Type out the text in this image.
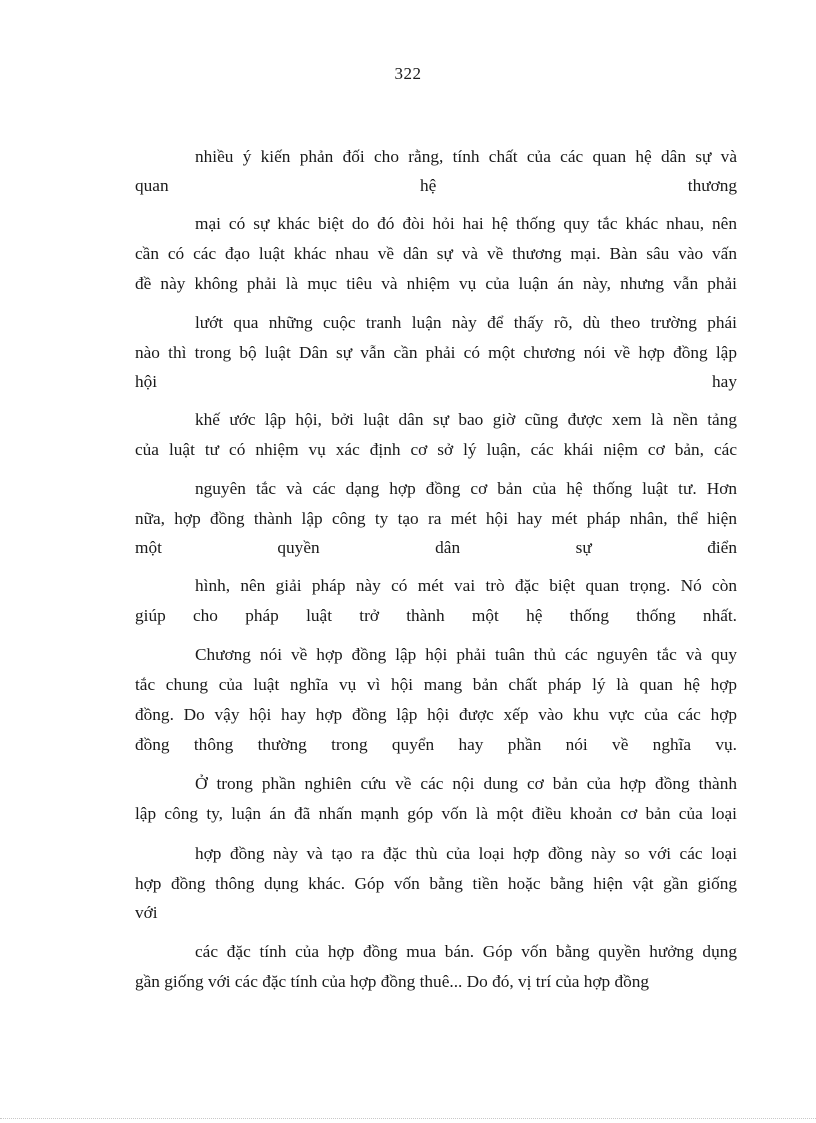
322
nhiều ý kiến phản đối cho rằng, tính chất của các quan hệ dân sự và
quan hệ thương
mại có sự khác biệt do đó đòi hỏi hai hệ thống quy tắc khác nhau, nên
cần có các đạo luật khác nhau về dân sự và về thương mại. Bàn sâu vào vấn
đề này không phải là mục tiêu và nhiệm vụ của luận án này, nhưng vẫn phải
lướt qua những cuộc tranh luận này để thấy rõ, dù theo trường phái
nào thì trong bộ luật Dân sự vẫn cần phải có một chương nói về hợp đồng lập
hội hay
khế ước lập hội, bởi luật dân sự bao giờ cũng được xem là nền tảng
của luật tư có nhiệm vụ xác định cơ sở lý luận, các khái niệm cơ bản, các
nguyên tắc và các dạng hợp đồng cơ bản của hệ thống luật tư. Hơn
nữa, hợp đồng thành lập công ty tạo ra mét hội hay mét pháp nhân, thể hiện
một quyền dân sự điển
hình, nên giải pháp này có mét vai trò đặc biệt quan trọng. Nó còn
giúp cho pháp luật trở thành một hệ thống thống nhất.
Chương nói về hợp đồng lập hội phải tuân thủ các nguyên tắc và quy
tắc chung của luật nghĩa vụ vì hội mang bản chất pháp lý là quan hệ hợp
đồng. Do vậy hội hay hợp đồng lập hội được xếp vào khu vực của các hợp
đồng thông thường trong quyển hay phần nói về nghĩa vụ.
Ở trong phần nghiên cứu về các nội dung cơ bản của hợp đồng thành
lập công ty, luận án đã nhấn mạnh góp vốn là một điều khoản cơ bản của loại
hợp đồng này và tạo ra đặc thù của loại hợp đồng này so với các loại
hợp đồng thông dụng khác. Góp vốn bằng tiền hoặc bằng hiện vật gần giống
với
các đặc tính của hợp đồng mua bán. Góp vốn bằng quyền hưởng dụng
gần giống với các đặc tính của hợp đồng thuê... Do đó, vị trí của hợp đồng
